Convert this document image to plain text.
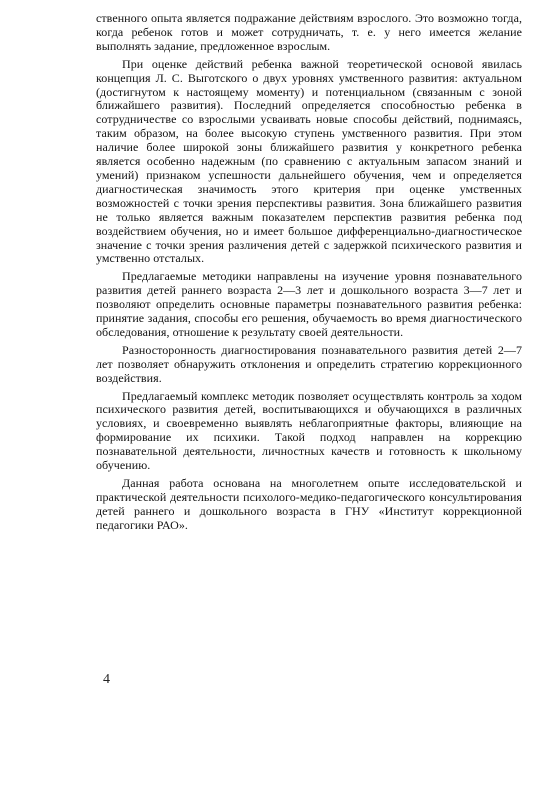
ственного опыта является подражание действиям взрослого. Это возможно тогда, когда ребенок готов и может сотрудничать, т. е. у него имеется желание выполнять задание, предложенное взрослым.

При оценке действий ребенка важной теоретической основой явилась концепция Л. С. Выготского о двух уровнях умственного развития: актуальном (достигнутом к настоящему моменту) и потенциальном (связанным с зоной ближайшего развития). Последний определяется способностью ребенка в сотрудничестве со взрослыми усваивать новые способы действий, поднимаясь, таким образом, на более высокую ступень умственного развития. При этом наличие более широкой зоны ближайшего развития у конкретного ребенка является особенно надежным (по сравнению с актуальным запасом знаний и умений) признаком успешности дальнейшего обучения, чем и определяется диагностическая значимость этого критерия при оценке умственных возможностей с точки зрения перспективы развития. Зона ближайшего развития не только является важным показателем перспектив развития ребенка под воздействием обучения, но и имеет большое дифференциально-диагностическое значение с точки зрения различения детей с задержкой психического развития и умственно отсталых.

Предлагаемые методики направлены на изучение уровня познавательного развития детей раннего возраста 2—3 лет и дошкольного возраста 3—7 лет и позволяют определить основные параметры познавательного развития ребенка: принятие задания, способы его решения, обучаемость во время диагностического обследования, отношение к результату своей деятельности.

Разносторонность диагностирования познавательного развития детей 2—7 лет позволяет обнаружить отклонения и определить стратегию коррекционного воздействия.

Предлагаемый комплекс методик позволяет осуществлять контроль за ходом психического развития детей, воспитывающихся и обучающихся в различных условиях, и своевременно выявлять неблагоприятные факторы, влияющие на формирование их психики. Такой подход направлен на коррекцию познавательной деятельности, личностных качеств и готовность к школьному обучению.

Данная работа основана на многолетнем опыте исследовательской и практической деятельности психолого-медико-педагогического консультирования детей раннего и дошкольного возраста в ГНУ «Институт коррекционной педагогики РАО».

4
